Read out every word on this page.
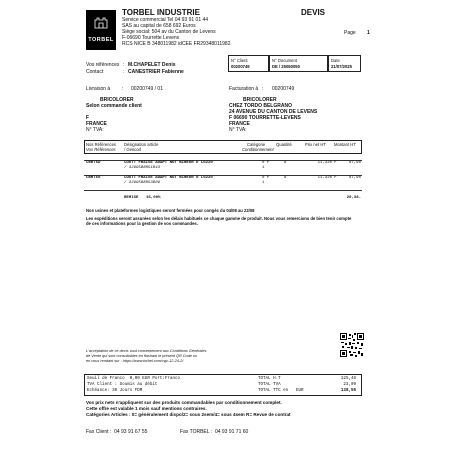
TORBEL
TORBEL INDUSTRIE
Service commercial Tel 04 93 91 01 44
SAS au capital de 658 692 Euros
Siège social: 504 av du Canton de Levens
F-06690 Tourrette Levens
RCS NICE B 348011982 idCEE FR29348011982
DEVIS
Page 1
N° Client
00200749
N° Document
DE / 25050050
Date
21/07/2025
Vos références : M.CHAPELET Denis
Contact	: CANESTRIER Fabienne
Livraison à : 00200749 / 01	Facturation à : 00200749
BRICOLORER
Selon commande client
F
FRANCE
N° TVA:
BRICOLORER
CHEZ TORDO BELGRANO
24 AVENUE DU CANTON DE LEVENS
F 06690 TOURRETTE-LEVENS
FRANCE
N° TVA:
Nos Références
Vos Références
Désignation article
/ Gencod
Catégorie
Conditionnement
Quantité	Prix net HT Montant HT
CBHT5D	COUTT FRAISE ADAPT NOT BINEUR D LG220
/ 3299588051843
0 P
1
8	11,320 P	87,90
CBHT5G	COUTT FRAISE ADAPT NOT BINEUR G LG220
/ 3299588053809
0 P
1
8	11,320 P	87,90
REMISE 15,00%	20,38-
Nos usines et plateformes logistiques seront fermées pour congés du 04/08 au 22/08
Les expéditions seront assurées selon les délais habituels ce chaque gamme de produit. Nous vous remercions de bien tenir compte
de ces informations pour la gestion de vos commandes.
L'acceptation de ce devis vaut consentement aux Conditions Générales
de Vente qui sont consultables en flashant le présent QR Code ou
en vous rendant sur : https://www.torbel.com/cgv-12-24-2/
Seuil de Franco 0,00 EUR Port:Franco
TVA Client : Soumis au débit
Echéance: 30 Jours FDM
TOTAL H.T	125,46
TOTAL TVA	23,09
TOTAL TTC en EUR	138,55
Vos prix nets n'appliquent sur des produits commandables par conditionnement complet.
Cette offre est valable 1 mois sauf mentions contraires.
Catégories Articles : 0= généralement dispo/2= sous 2sem/4= sous 4sem R= Revue de contrat
Fax Client : 04 93 91 67 55	Fax TORBEL : 04 93 91 71 60
